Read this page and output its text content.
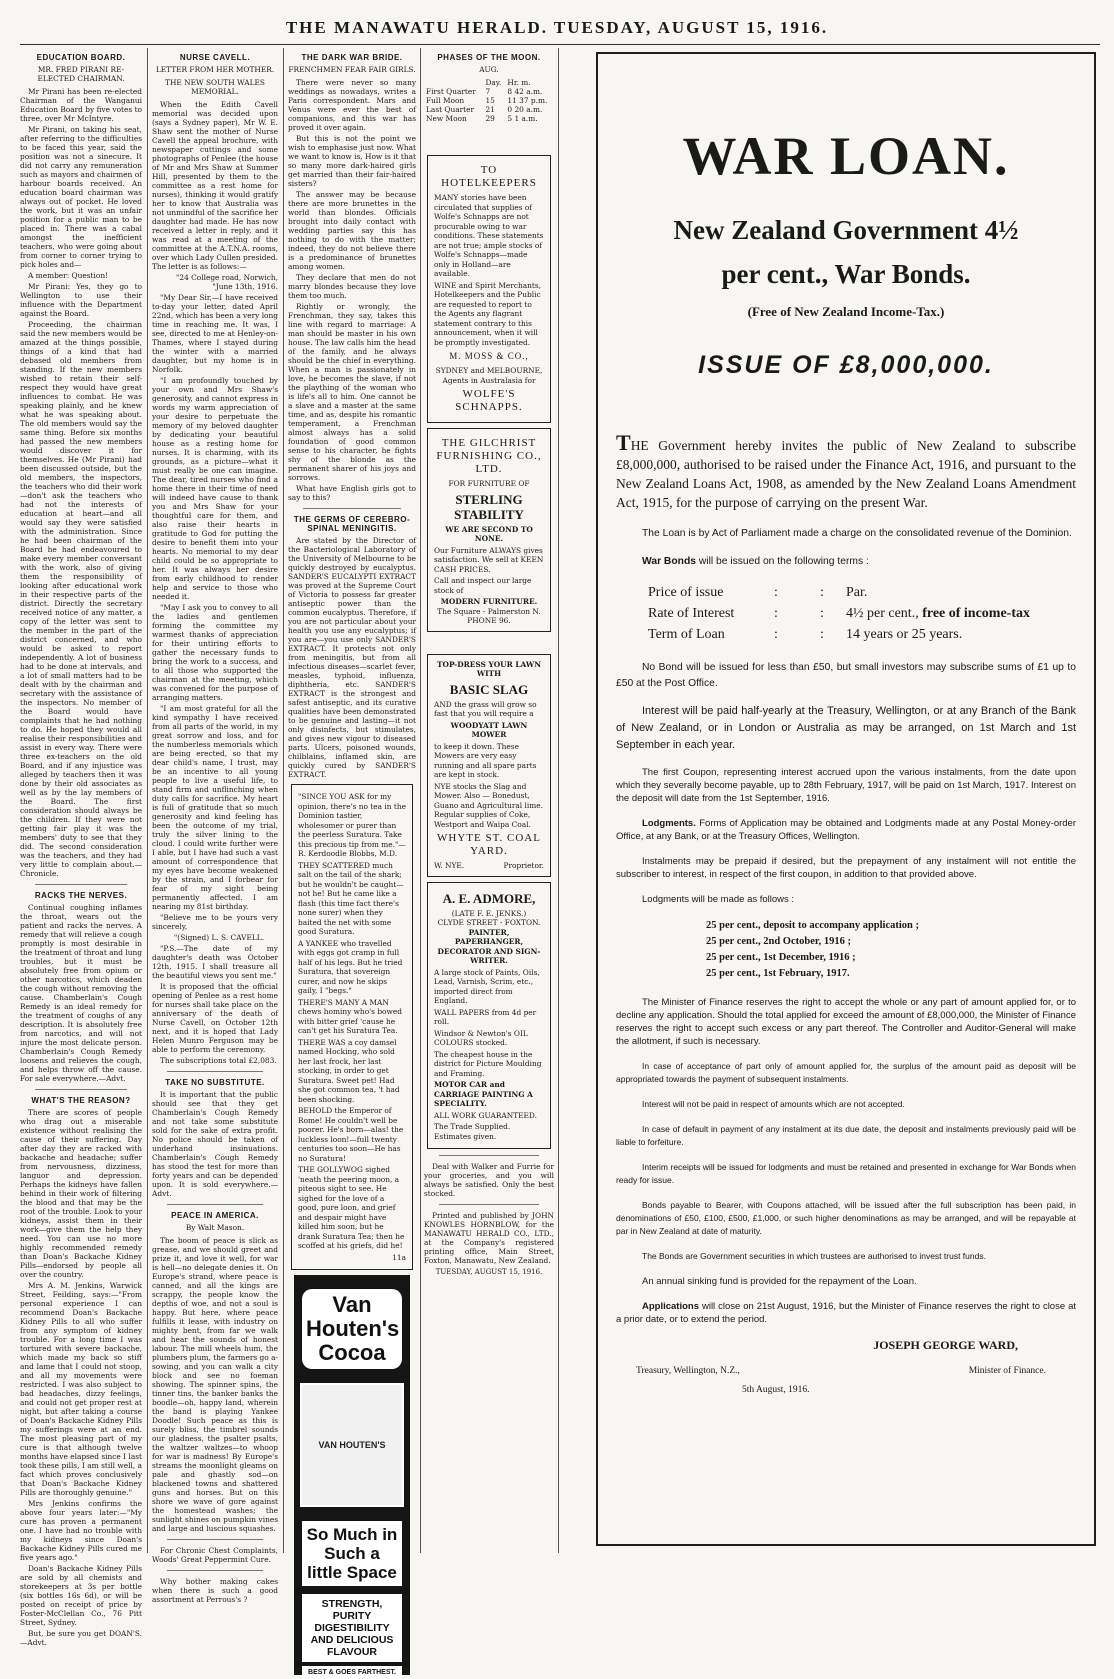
THE MANAWATU HERALD. TUESDAY, AUGUST 15, 1916.
EDUCATION BOARD.
MR. FRED PIRANI RE-ELECTED CHAIRMAN.

Mr Pirani has been re-elected Chairman of the Wanganui Education Board by five votes to three, over Mr McIntyre.

Mr Pirani, on taking his seat, after referring to the difficulties to be faced this year, said the position was not a sinecure. It did not carry any remuneration such as mayors and chairmen of harbour boards received. An education board chairman was always out of pocket. He loved the work, but it was an unfair position for a public man to be placed in. There was a cabal amongst the inefficient teachers, who were going about from corner to corner trying to pick holes and—

A member: Question!

Mr Pirani: Yes, they go to Wellington to use their influence with the Department against the Board.

Proceeding, the chairman said the new members would be amazed at the things possible, things of a kind that had debased old members from standing. If the new members wished to retain their self-respect they would have great influences to combat. He was speaking plainly, and he knew what he was speaking about. The old members would say the same thing. Before six months had passed the new members would discover it for themselves. He (Mr Pirani) had been discussed outside, but the old members, the inspectors, the teachers who did their work—don't ask the teachers who had not the interests of education at heart—and all would say they were satisfied with the administration. Since he had been chairman of the Board he had endeavoured to make every member conversant with the work, also of giving them the responsibility of looking after educational work in their respective parts of the district. Directly the secretary received notice of any matter, a copy of the letter was sent to the member in the part of the district concerned, and who would be asked to report independently. A lot of business had to be done at intervals, and a lot of small matters had to be dealt with by the chairman and secretary with the assistance of the inspectors. No member of the Board would have complaints that he had nothing to do. He hoped they would all realise their responsibilities and assist in every way. There were three ex-teachers on the old Board, and if any injustice was alleged by teachers then it was done by their old associates as well as by the lay members of the Board. The first consideration should always be the children. If they were not getting fair play it was the members' duty to see that they did. The second consideration was the teachers, and they had very little to complain about.—Chronicle.

RACKS THE NERVES.

Continual coughing inflames the throat, wears out the patient and racks the nerves. A remedy that will relieve a cough promptly is most desirable in the treatment of throat and lung troubles, but it must be absolutely free from opium or other narcotics, which deaden the cough without removing the cause. Chamberlain's Cough Remedy is an ideal remedy for the treatment of coughs of any description. It is absolutely free from narcotics, and will not injure the most delicate person. Chamberlain's Cough Remedy loosens and relieves the cough, and helps throw off the cause. For sale everywhere.—Advt.

WHAT'S THE REASON?

There are scores of people who drag out a miserable existence without realising the cause of their suffering. Day after day they are racked with backache and headache; suffer from nervousness, dizziness, languor and depression. Perhaps the kidneys have fallen behind in their work of filtering the blood and that may be the root of the trouble. Look to your kidneys, assist them in their work—give them the help they need. You can use no more highly recommended remedy than Doan's Backache Kidney Pills—endorsed by people all over the country.

Mrs A. M. Jenkins, Warwick Street, Feilding, says:—"From personal experience I can recommend Doan's Backache Kidney Pills to all who suffer from any symptom of kidney trouble. For a long time I was tortured with severe backache, which made my back so stiff and lame that I could not stoop, and all my movements were restricted. I was also subject to bad headaches, dizzy feelings, and could not get proper rest at night, but after taking a course of Doan's Backache Kidney Pills my sufferings were at an end. The most pleasing part of my cure is that although twelve months have elapsed since I last took these pills, I am still well, a fact which proves conclusively that Doan's Backache Kidney Pills are thoroughly genuine."

Mrs Jenkins confirms the above four years later:—"My cure has proven a permanent one. I have had no trouble with my kidneys since Doan's Backache Kidney Pills cured me five years ago."

Doan's Backache Kidney Pills are sold by all chemists and storekeepers at 3s per bottle (six bottles 16s 6d), or will be posted on receipt of price by Foster-McClellan Co., 76 Pitt Street, Sydney.

But, be sure you get DOAN'S.—Advt.

NURSE CAVELL.
LETTER FROM HER MOTHER.
THE NEW SOUTH WALES MEMORIAL.

When the Edith Cavell memorial was decided upon (says a Sydney paper), Mr W. E. Shaw sent the mother of Nurse Cavell the appeal brochure, with newspaper cuttings and some photographs of Penlee (the house of Mr and Mrs Shaw at Summer Hill, presented by them to the committee as a rest home for nurses), thinking it would gratify her to know that Australia was not unmindful of the sacrifice her daughter had made. He has now received a letter in reply, and it was read at a meeting of the committee at the A.T.N.A. rooms, over which Lady Cullen presided. The letter is as follows:—

"24 College road, Norwich, "June 13th, 1916.

"My Dear Sir,—I have received to-day your letter, dated April 22nd, which has been a very long time in reaching me. It was, I see, directed to me at Henley-on-Thames, where I stayed during the winter with a married daughter, but my home is in Norfolk.

"I am profoundly touched by your own and Mrs Shaw's generosity, and cannot express in words my warm appreciation of your desire to perpetuate the memory of my beloved daughter by dedicating your beautiful house as a resting home for nurses. It is charming, with its grounds, as a picture—what it must really be one can imagine. The dear, tired nurses who find a home there in their time of need will indeed have cause to thank you and Mrs Shaw for your thoughtful care for them, and also raise their hearts in gratitude to God for putting the desire to benefit them into your hearts. No memorial to my dear child could be so appropriate to her. It was always her desire from early childhood to render help and service to those who needed it.

"May I ask you to convey to all the ladies and gentlemen forming the committee my warmest thanks of appreciation for their untiring efforts to gather the necessary funds to bring the work to a success, and to all those who supported the chairman at the meeting, which was convened for the purpose of arranging matters.

"I am most grateful for all the kind sympathy I have received from all parts of the world, in my great sorrow and loss, and for the numberless memorials which are being erected, so that my dear child's name, I trust, may be an incentive to all young people to live a useful life, to stand firm and unflinching when duty calls for sacrifice. My heart is full of gratitude that so much generosity and kind feeling has been the outcome of my trial, truly the silver lining to the cloud. I could write further were I able, but I have had such a vast amount of correspondence that my eyes have become weakened by the strain, and I forbear for fear of my sight being permanently affected. I am nearing my 81st birthday.

"Believe me to be yours very sincerely,

"(Signed) L. S. CAVELL.

"P.S.—The date of my daughter's death was October 12th, 1915. I shall treasure all the beautiful views you sent me."

It is proposed that the official opening of Penlee as a rest home for nurses shall take place on the anniversary of the death of Nurse Cavell, on October 12th next, and it is hoped that Lady Helen Munro Ferguson may be able to perform the ceremony.

The subscriptions total £2,083.

TAKE NO SUBSTITUTE.

It is important that the public should see that they get Chamberlain's Cough Remedy and not take some substitute sold for the sake of extra profit. No police should be taken of underhand insinuations. Chamberlain's Cough Remedy has stood the test for more than forty years and can be depended upon. It is sold everywhere.—Advt.

PEACE IN AMERICA.
By Walt Mason.

The boom of peace is slick as grease, and we should greet and prize it, and love it well, for war is hell—no delegate denies it. On Europe's strand, where peace is canned, and all the kings are scrappy, the people know the depths of woe, and not a soul is happy. But here, where peace fulfills it lease, with industry on mighty bent, from far we walk and hear the sounds of honest labour. The mill wheels hum, the plumbers plum, the farmers go a-sowing, and you can walk a city block and see no foeman showing. The spinner spins, the tinner tins, the banker banks the boodle—oh, happy land, wherein the band is playing Yankee Doodle! Such peace as this is surely bliss, the timbrel sounds our gladness, the psalter psalts, the waltzer waltzes—to whoop for war is madness! By Europe's streams the moonlight gleams on pale and ghastly sod—on blackened towns and shattered guns and horses. But on this shore we wave of gore against the homestead washes; the sunlight shines on pumpkin vines and large and luscious squashes.

For Chronic Chest Complaints, Woods' Great Peppermint Cure.

Why bother making cakes when there is such a good assortment at Perrous's ?

THE DARK WAR BRIDE.
FRENCHMEN FEAR FAIR GIRLS.

There were never so many weddings as nowadays, writes a Paris correspondent. Mars and Venus were ever the best of companions, and this war has proved it over again.

But this is not the point we wish to emphasise just now. What we want to know is, How is it that so many more dark-haired girls get married than their fair-haired sisters?

The answer may be because there are more brunettes in the world than blondes. Officials brought into daily contact with wedding parties say this has nothing to do with the matter; indeed, they do not believe there is a predominance of brunettes among women.

They declare that men do not marry blondes because they love them too much.

Rightly or wrongly, the Frenchman, they say, takes this line with regard to marriage: A man should be master in his own house. The law calls him the head of the family, and he always should be the chief in everything. When a man is passionately in love, he becomes the slave, if not the plaything of the woman who is life's all to him. One cannot be a slave and a master at the same time, and as, despite his romantic temperament, a Frenchman almost always has a solid foundation of good common sense to his character, he fights shy of the blonde as the permanent sharer of his joys and sorrows.

What have English girls got to say to this?

THE GERMS OF CEREBRO-SPINAL MENINGITIS.

Are stated by the Director of the Bacteriological Laboratory of the University of Melbourne to be quickly destroyed by eucalyptus. SANDER'S EUCALYPTI EXTRACT was proved at the Supreme Court of Victoria to possess far greater antiseptic power than the common eucalyptus. Therefore, if you are not particular about your health you use any eucalyptus; if you are—you use only SANDER'S EXTRACT. It protects not only from meningitis, but from all infectious diseases—scarlet fever, measles, typhoid, influenza, diphtheria, etc. SANDER'S EXTRACT is the strongest and safest antiseptic, and its curative qualities have been demonstrated to be genuine and lasting—it not only disinfects, but stimulates, and gives new vigour to diseased parts. Ulcers, poisoned wounds, chilblains, inflamed skin, are quickly cured by SANDER'S EXTRACT.

"SINCE YOU ASK for my opinion, there's no tea in the Dominion tastier, wholesomer or purer than the peerless Suratura. Take this precious tip from me."—R. Kerdoodle Blobbs, M.D.

THEY SCATTERED much salt on the tail of the shark; but he wouldn't be caught—not he! But he came like a flash (this time fact there's none surer) when they baited the net with some good Suratura.

A YANKEE who travelled with eggs got cramp in full half of his legs. But he tried Suratura, that sovereign curer, and now he skips gaily, I "begs."

THERE'S MANY A MAN chews hominy who's bowed with bitter grief 'cause he can't get his Suratura Tea.

THERE WAS a coy damsel named Hocking, who sold her last frock, her last stocking, in order to get Suratura. Sweet pet! Had she got common tea, 't had been shocking.

BEHOLD the Emperor of Rome! He couldn't well be poorer. He's born—alas! the luckless loon!—full twenty centuries too soon—He has no Suratura!

THE GOLLYWOG sighed 'neath the peering moon, a piteous sight to see. He sighed for the love of a good, pure loon, and grief and despair might have killed him soon, but he drank Suratura Tea; then he scoffed at his griefs, did he!

11a

Van Houten's Cocoa
VAN HOUTEN'S
So Much in Such a little Space
STRENGTH, PURITY DIGESTIBILITY AND DELICIOUS FLAVOUR
BEST & GOES FARTHEST.
PHASES OF THE MOON.
AUG.
	Day.	Hr. m.
First Quarter	7	8 42 a.m.
Full Moon	15	11 37 p.m.
Last Quarter	21	0 20 a.m.
New Moon	29	5 1 a.m.
TO HOTELKEEPERS

MANY stories have been circulated that supplies of Wolfe's Schnapps are not procurable owing to war conditions. These statements are not true; ample stocks of Wolfe's Schnapps—made only in Holland—are available.

WINE and Spirit Merchants, Hotelkeepers and the Public are requested to report to the Agents any flagrant statement contrary to this announcement, when it will be promptly investigated.

M. MOSS & CO.,
SYDNEY and MELBOURNE,
Agents in Australasia for
WOLFE'S SCHNAPPS.
THE GILCHRIST FURNISHING CO., LTD.
FOR FURNITURE OF
STERLING STABILITY
WE ARE SECOND TO NONE.

Our Furniture ALWAYS gives satisfaction. We sell at KEEN CASH PRICES.

Call and inspect our large stock of

MODERN FURNITURE.
The Square - Palmerston N.
PHONE 96.
TOP-DRESS YOUR LAWN WITH
BASIC SLAG

AND the grass will grow so fast that you will require a

WOODYATT LAWN MOWER

to keep it down. These Mowers are very easy running and all spare parts are kept in stock.

NYE stocks the Slag and Mower. Also — Bonedust, Guano and Agricultural lime. Regular supplies of Coke, Westport and Waipa Coal.

WHYTE ST. COAL YARD.
W. NYE.	Proprietor.
A. E. ADMORE,
(LATE F. E. JENKS.)
CLYDE STREET - FOXTON.
PAINTER, PAPERHANGER, DECORATOR AND SIGN-WRITER.

A large stock of Paints, Oils, Lead, Varnish, Scrim, etc., imported direct from England.

WALL PAPERS from 4d per roll.

Windsor & Newton's OIL COLOURS stocked.

The cheapest house in the district for Picture Moulding and Framing.

MOTOR CAR and CARRIAGE PAINTING A SPECIALITY.

ALL WORK GUARANTEED.

The Trade Supplied. Estimates given.

Deal with Walker and Furrie for your groceries, and you will always be satisfied. Only the best stocked.

Printed and published by JOHN KNOWLES HORNBLOW, for the MANAWATU HERALD CO., LTD., at the Company's registered printing office, Main Street, Foxton, Manawatu, New Zealand.

TUESDAY, AUGUST 15, 1916.
WAR LOAN.
New Zealand Government 4½
per cent., War Bonds.
(Free of New Zealand Income-Tax.)
ISSUE OF £8,000,000.

THE Government hereby invites the public of New Zealand to subscribe £8,000,000, authorised to be raised under the Finance Act, 1916, and pursuant to the New Zealand Loans Act, 1908, as amended by the New Zealand Loans Amendment Act, 1915, for the purpose of carrying on the present War.

The Loan is by Act of Parliament made a charge on the consolidated revenue of the Dominion.

War Bonds will be issued on the following terms :

Price of issue	:	:	Par.
Rate of Interest	:	:	4½ per cent., free of income-tax
Term of Loan	:	:	14 years or 25 years.

No Bond will be issued for less than £50, but small investors may subscribe sums of £1 up to £50 at the Post Office.

Interest will be paid half-yearly at the Treasury, Wellington, or at any Branch of the Bank of New Zealand, or in London or Australia as may be arranged, on 1st March and 1st September in each year.

The first Coupon, representing interest accrued upon the various instalments, from the date upon which they severally become payable, up to 28th February, 1917, will be paid on 1st March, 1917. Interest on the deposit will date from the 1st September, 1916.

Lodgments. Forms of Application may be obtained and Lodgments made at any Postal Money-order Office, at any Bank, or at the Treasury Offices, Wellington.

Instalments may be prepaid if desired, but the prepayment of any instalment will not entitle the subscriber to interest, in respect of the first coupon, in addition to that provided above.

Lodgments will be made as follows :

25 per cent., deposit to accompany application ;
25 per cent., 2nd October, 1916 ;
25 per cent., 1st December, 1916 ;
25 per cent., 1st February, 1917.

The Minister of Finance reserves the right to accept the whole or any part of amount applied for, or to decline any application. Should the total applied for exceed the amount of £8,000,000, the Minister of Finance reserves the right to accept such excess or any part thereof. The Controller and Auditor-General will make the allotment, if such is necessary.

In case of acceptance of part only of amount applied for, the surplus of the amount paid as deposit will be appropriated towards the payment of subsequent instalments.

Interest will not be paid in respect of amounts which are not accepted.

In case of default in payment of any instalment at its due date, the deposit and instalments previously paid will be liable to forfeiture.

Interim receipts will be issued for lodgments and must be retained and presented in exchange for War Bonds when ready for issue.

Bonds payable to Bearer, with Coupons attached, will be issued after the full subscription has been paid, in denominations of £50, £100, £500, £1,000, or such higher denominations as may be arranged, and will be repayable at par in New Zealand at date of maturity.

The Bonds are Government securities in which trustees are authorised to invest trust funds.

An annual sinking fund is provided for the repayment of the Loan.

Applications will close on 21st August, 1916, but the Minister of Finance reserves the right to close at a prior date, or to extend the period.

JOSEPH GEORGE WARD,
Treasury, Wellington, N.Z.,	Minister of Finance.
5th August, 1916.
